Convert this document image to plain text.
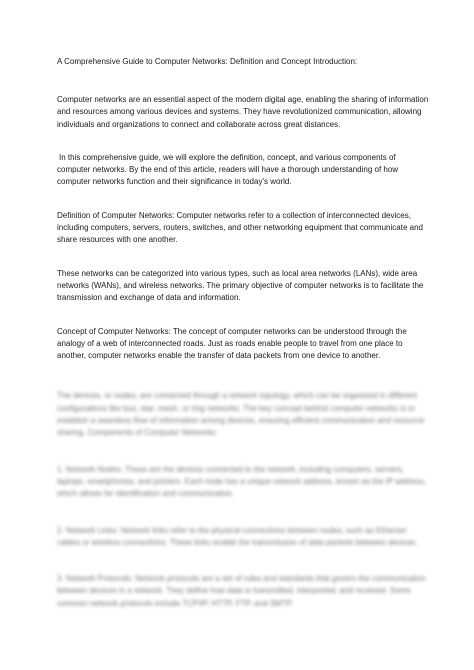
A Comprehensive Guide to Computer Networks: Definition and Concept Introduction:

Computer networks are an essential aspect of the modern digital age, enabling the sharing of information and resources among various devices and systems. They have revolutionized communication, allowing individuals and organizations to connect and collaborate across great distances.

In this comprehensive guide, we will explore the definition, concept, and various components of computer networks. By the end of this article, readers will have a thorough understanding of how computer networks function and their significance in today's world.

Definition of Computer Networks: Computer networks refer to a collection of interconnected devices, including computers, servers, routers, switches, and other networking equipment that communicate and share resources with one another.

These networks can be categorized into various types, such as local area networks (LANs), wide area networks (WANs), and wireless networks. The primary objective of computer networks is to facilitate the transmission and exchange of data and information.

Concept of Computer Networks: The concept of computer networks can be understood through the analogy of a web of interconnected roads. Just as roads enable people to travel from one place to another, computer networks enable the transfer of data packets from one device to another.

The devices, or nodes, are connected through a network topology, which can be organized in different configurations like bus, star, mesh, or ring networks. The key concept behind computer networks is to establish a seamless flow of information among devices, ensuring efficient communication and resource sharing. Components of Computer Networks:

1. Network Nodes: These are the devices connected to the network, including computers, servers, laptops, smartphones, and printers. Each node has a unique network address, known as the IP address, which allows for identification and communication.

2. Network Links: Network links refer to the physical connections between nodes, such as Ethernet cables or wireless connections. These links enable the transmission of data packets between devices.

3. Network Protocols: Network protocols are a set of rules and standards that govern the communication between devices in a network. They define how data is transmitted, interpreted, and received. Some common network protocols include TCP/IP, HTTP, FTP, and SMTP.
